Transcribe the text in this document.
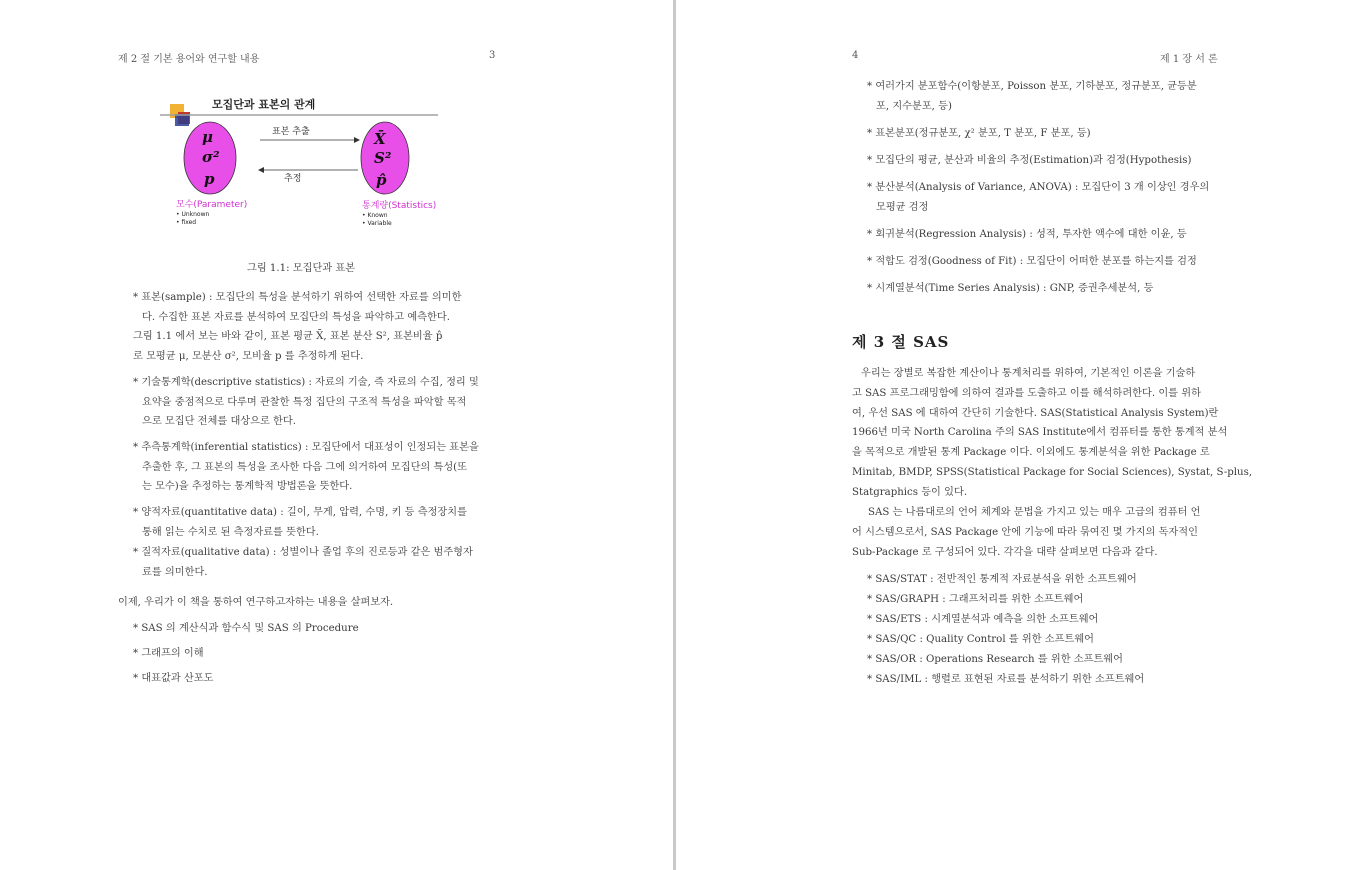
제 2 절 기본 용어와 연구할 내용	3
모집단과 표본의 관계
μ
σ²
p
X̄
S²
p̂
표본 추출
추정
모수(Parameter)
• Unknown
• fixed
통계량(Statistics)
• Known
• Variable
그림 1.1: 모집단과 표본
* 표본(sample) : 모집단의 특성을 분석하기 위하여 선택한 자료를 의미한
다. 수집한 표본 자료를 분석하여 모집단의 특성을 파악하고 예측한다.
그림 1.1 에서 보는 바와 같이, 표본 평균 X̄, 표본 분산 S², 표본비율 p̂
로 모평균 μ, 모분산 σ², 모비율 p 를 추정하게 된다.
* 기술통계학(descriptive statistics) : 자료의 기술, 즉 자료의 수집, 정리 및
요약을 중점적으로 다루며 관찰한 특정 집단의 구조적 특성을 파악할 목적
으로 모집단 전체를 대상으로 한다.
* 추측통계학(inferential statistics) : 모집단에서 대표성이 인정되는 표본을
추출한 후, 그 표본의 특성을 조사한 다음 그에 의거하여 모집단의 특성(또
는 모수)을 추정하는 통계학적 방법론을 뜻한다.
* 양적자료(quantitative data) : 길이, 무게, 압력, 수명, 키 등 측정장치를
통해 읽는 수치로 된 측정자료를 뜻한다.
* 질적자료(qualitative data) : 성별이나 졸업 후의 진로등과 같은 범주형자
료를 의미한다.
이제, 우리가 이 책을 통하여 연구하고자하는 내용을 살펴보자.
* SAS 의 계산식과 함수식 및 SAS 의 Procedure
* 그래프의 이해
* 대표값과 산포도
4	제 1 장 서 론
* 여러가지 분포함수(이항분포, Poisson 분포, 기하분포, 정규분포, 균등분
포, 지수분포, 등)
* 표본분포(정규분포, χ² 분포, T 분포, F 분포, 등)
* 모집단의 평균, 분산과 비율의 추정(Estimation)과 검정(Hypothesis)
* 분산분석(Analysis of Variance, ANOVA) : 모집단이 3 개 이상인 경우의
모평균 검정
* 회귀분석(Regression Analysis) : 성적, 투자한 액수에 대한 이윤, 등
* 적합도 검정(Goodness of Fit) : 모집단이 어떠한 분포를 하는지를 검정
* 시계열분석(Time Series Analysis) : GNP, 증권추세분석, 등
제 3 절 SAS
우리는 장별로 복잡한 계산이나 통계처리를 위하여, 기본적인 이론을 기술하
고 SAS 프로그래밍함에 의하여 결과를 도출하고 이를 해석하려한다. 이를 위하
여, 우선 SAS 에 대하여 간단히 기술한다. SAS(Statistical Analysis System)란
1966년 미국 North Carolina 주의 SAS Institute에서 컴퓨터를 통한 통계적 분석
을 목적으로 개발된 통계 Package 이다. 이외에도 통계분석을 위한 Package 로
Minitab, BMDP, SPSS(Statistical Package for Social Sciences), Systat, S-plus,
Statgraphics 등이 있다.
SAS 는 나름대로의 언어 체계와 문법을 가지고 있는 매우 고급의 컴퓨터 언
어 시스템으로서, SAS Package 안에 기능에 따라 묶여진 몇 가지의 독자적인
Sub-Package 로 구성되어 있다. 각각을 대략 살펴보면 다음과 같다.
* SAS/STAT : 전반적인 통계적 자료분석을 위한 소프트웨어
* SAS/GRAPH : 그래프처리를 위한 소프트웨어
* SAS/ETS : 시계열분석과 예측을 의한 소프트웨어
* SAS/QC : Quality Control 를 위한 소프트웨어
* SAS/OR : Operations Research 를 위한 소프트웨어
* SAS/IML : 행렬로 표현된 자료를 분석하기 위한 소프트웨어
